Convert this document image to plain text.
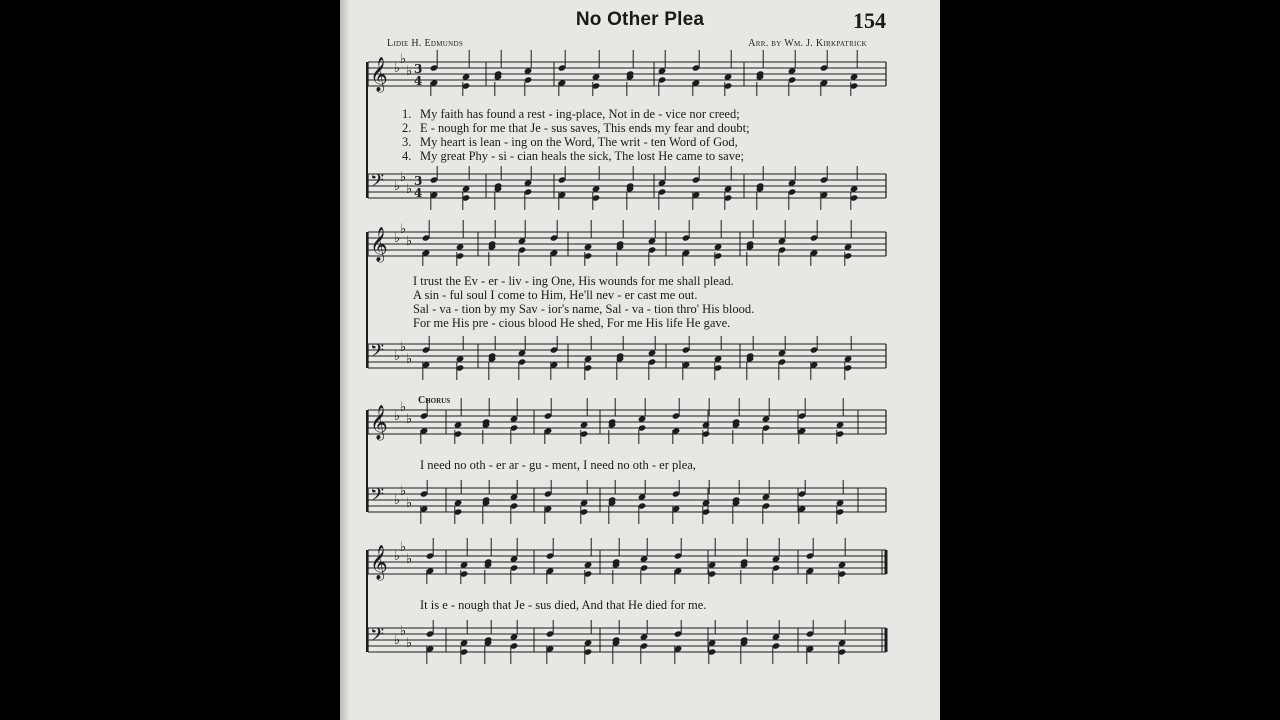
No Other Plea	154
Lidie H. Edmunds	Arr. by Wm. J. Kirkpatrick
Chorus
𝄞 ♭
♭
♭ 3
4
𝄢 ♭
♭
♭
3
4
𝄞 ♭
♭
♭
𝄢 ♭
♭
♭
𝄞 ♭
♭
♭
𝄢 ♭
♭
♭
𝄞 ♭
♭
♭
𝄢 ♭
♭
♭
1. My faith has found a rest - ing-place, Not in de - vice nor creed;
2. E - nough for me that Je - sus saves, This ends my fear and doubt;
3. My heart is lean - ing on the Word, The writ - ten Word of God,
4. My great Phy - si - cian heals the sick, The lost He came to save;
I trust the Ev - er - liv - ing One, His wounds for me shall plead.
A sin - ful soul I come to Him, He'll nev - er cast me out.
Sal - va - tion by my Sav - ior's name, Sal - va - tion thro' His blood.
For me His pre - cious blood He shed, For me His life He gave.
I need no oth - er ar - gu - ment, I need no oth - er plea,
It is e - nough that Je - sus died, And that He died for me.
